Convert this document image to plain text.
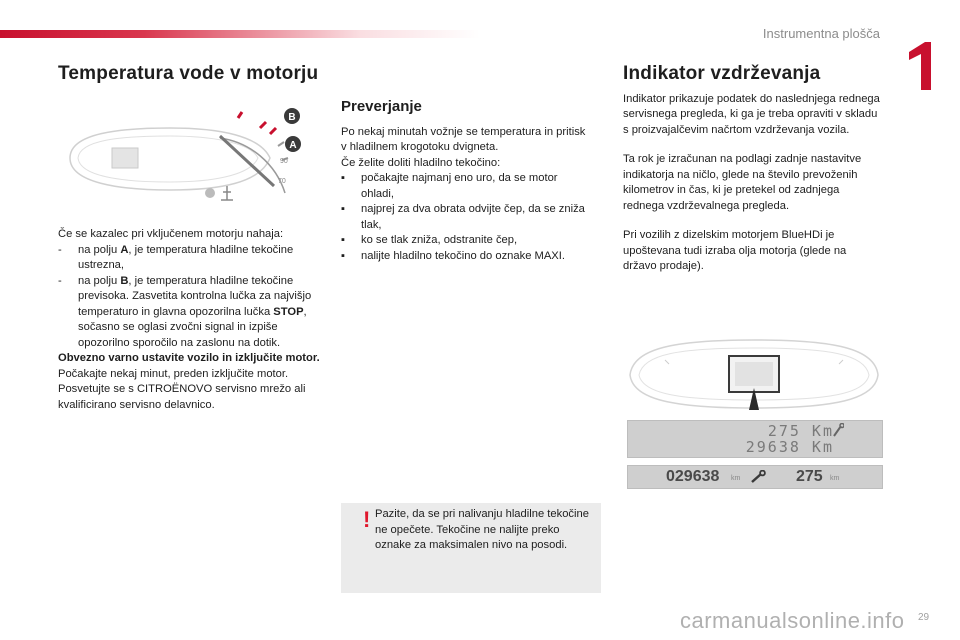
Instrumentna plošča
Temperatura vode v motorju
B
A
90
70

Če se kazalec pri vključenem motorju nahaja:

- na polju A, je temperatura hladilne tekočine ustrezna,
- na polju B, je temperatura hladilne tekočine previsoka. Zasvetita kontrolna lučka za najvišjo temperaturo in glavna opozorilna lučka STOP, sočasno se oglasi zvočni signal in izpiše opozorilno sporočilo na zaslonu na dotik.

Obvezno varno ustavite vozilo in izključite motor.

Počakajte nekaj minut, preden izključite motor. Posvetujte se s CITROËNOVO servisno mrežo ali kvalificirano servisno delavnico.

Preverjanje

Po nekaj minutah vožnje se temperatura in pritisk v hladilnem krogotoku dvigneta.

Če želite doliti hladilno tekočino:

▪ počakajte najmanj eno uro, da se motor ohladi,
▪ najprej za dva obrata odvijte čep, da se zniža tlak,
▪ ko se tlak zniža, odstranite čep,
▪ nalijte hladilno tekočino do oznake MAXI.
! Pazite, da se pri nalivanju hladilne tekočine ne opečete. Tekočine ne nalijte preko oznake za maksimalen nivo na posodi.
Indikator vzdrževanja

Indikator prikazuje podatek do naslednjega rednega servisnega pregleda, ki ga je treba opraviti v skladu s proizvajalčevim načrtom vzdrževanja vozila.

Ta rok je izračunan na podlagi zadnje nastavitve indikatorja na ničlo, glede na število prevoženih kilometrov in čas, ki je pretekel od zadnjega rednega vzdrževalnega pregleda.

Pri vozilih z dizelskim motorjem BlueHDi je upoštevana tudi izraba olja motorja (glede na državo prodaje).

275 Km
29638 Km
029638 km	275 km
29
carmanualsonline.info
